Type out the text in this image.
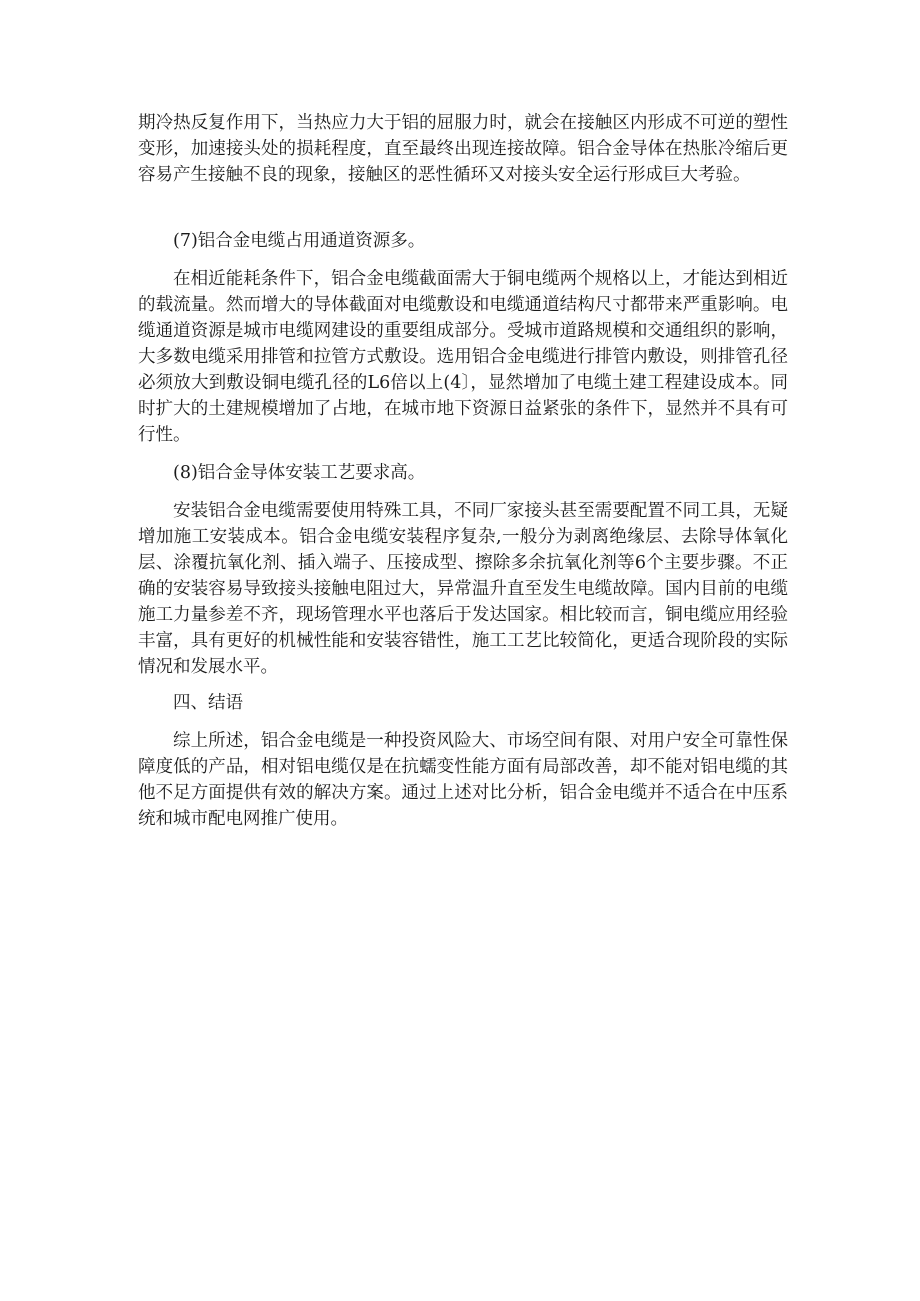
期冷热反复作用下，当热应力大于铝的屈服力时，就会在接触区内形成不可逆的塑性变形，加速接头处的损耗程度，直至最终出现连接故障。铝合金导体在热胀冷缩后更容易产生接触不良的现象，接触区的恶性循环又对接头安全运行形成巨大考验。

(7)铝合金电缆占用通道资源多。

在相近能耗条件下，铝合金电缆截面需大于铜电缆两个规格以上，才能达到相近的载流量。然而增大的导体截面对电缆敷设和电缆通道结构尺寸都带来严重影响。电缆通道资源是城市电缆网建设的重要组成部分。受城市道路规模和交通组织的影响，大多数电缆采用排管和拉管方式敷设。选用铝合金电缆进行排管内敷设，则排管孔径必须放大到敷设铜电缆孔径的L6倍以上(4〕，显然增加了电缆土建工程建设成本。同时扩大的土建规模增加了占地，在城市地下资源日益紧张的条件下，显然并不具有可行性。

(8)铝合金导体安装工艺要求高。

安装铝合金电缆需要使用特殊工具，不同厂家接头甚至需要配置不同工具，无疑增加施工安装成本。铝合金电缆安装程序复杂,一般分为剥离绝缘层、去除导体氧化层、涂覆抗氧化剂、插入端子、压接成型、擦除多余抗氧化剂等6个主要步骤。不正确的安装容易导致接头接触电阻过大，异常温升直至发生电缆故障。国内目前的电缆施工力量参差不齐，现场管理水平也落后于发达国家。相比较而言，铜电缆应用经验丰富，具有更好的机械性能和安装容错性，施工工艺比较简化，更适合现阶段的实际情况和发展水平。

四、结语

综上所述，铝合金电缆是一种投资风险大、市场空间有限、对用户安全可靠性保障度低的产品，相对铝电缆仅是在抗蠕变性能方面有局部改善，却不能对铝电缆的其他不足方面提供有效的解决方案。通过上述对比分析，铝合金电缆并不适合在中压系统和城市配电网推广使用。
